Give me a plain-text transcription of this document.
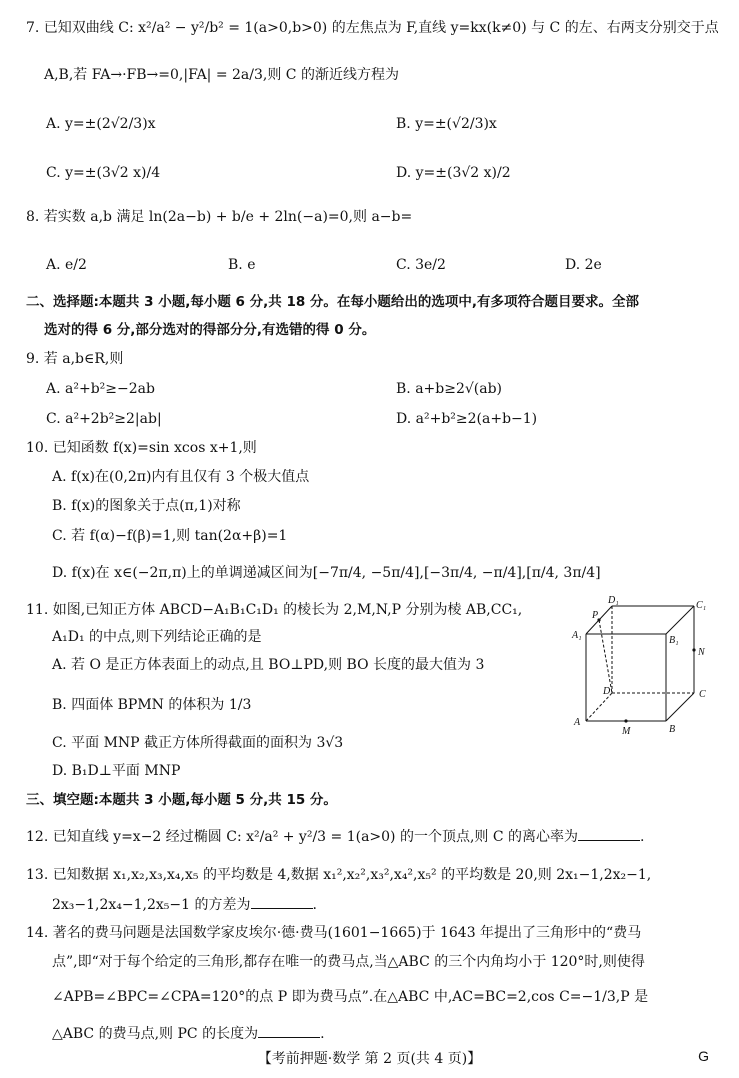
7. 已知双曲线 C: x²/a² − y²/b² = 1(a>0,b>0) 的左焦点为 F,直线 y=kx(k≠0) 与 C 的左、右两支分别交于点
A,B,若 FA→·FB→=0,|FA| = 2a/3,则 C 的渐近线方程为
A. y=±(2√2/3)x	B. y=±(√2/3)x
C. y=±(3√2 x)/4	D. y=±(3√2 x)/2
8. 若实数 a,b 满足 ln(2a−b) + b/e + 2ln(−a)=0,则 a−b=
A. e/2	B. e	C. 3e/2	D. 2e
二、选择题:本题共 3 小题,每小题 6 分,共 18 分。在每小题给出的选项中,有多项符合题目要求。全部
选对的得 6 分,部分选对的得部分分,有选错的得 0 分。
9. 若 a,b∈R,则
A. a²+b²≥−2ab	B. a+b≥2√(ab)
C. a²+2b²≥2|ab|	D. a²+b²≥2(a+b−1)
10. 已知函数 f(x)=sin xcos x+1,则
A. f(x)在(0,2π)内有且仅有 3 个极大值点
B. f(x)的图象关于点(π,1)对称
C. 若 f(α)−f(β)=1,则 tan(2α+β)=1
D. f(x)在 x∈(−2π,π)上的单调递减区间为[−7π/4, −5π/4],[−3π/4, −π/4],[π/4, 3π/4]
11. 如图,已知正方体 ABCD−A₁B₁C₁D₁ 的棱长为 2,M,N,P 分别为棱 AB,CC₁,
A₁D₁ 的中点,则下列结论正确的是
A. 若 O 是正方体表面上的动点,且 BO⊥PD,则 BO 长度的最大值为 3
B. 四面体 BPMN 的体积为 1/3
C. 平面 MNP 截正方体所得截面的面积为 3√3
D. B₁D⊥平面 MNP
D₁	C₁
A₁
P
B₁
N
D	C
A
M	B
三、填空题:本题共 3 小题,每小题 5 分,共 15 分。
12. 已知直线 y=x−2 经过椭圆 C: x²/a² + y²/3 = 1(a>0) 的一个顶点,则 C 的离心率为	.
13. 已知数据 x₁,x₂,x₃,x₄,x₅ 的平均数是 4,数据 x₁²,x₂²,x₃²,x₄²,x₅² 的平均数是 20,则 2x₁−1,2x₂−1,
2x₃−1,2x₄−1,2x₅−1 的方差为	.
14. 著名的费马问题是法国数学家皮埃尔·德·费马(1601−1665)于 1643 年提出了三角形中的“费马
点”,即“对于每个给定的三角形,都存在唯一的费马点,当△ABC 的三个内角均小于 120°时,则使得
∠APB=∠BPC=∠CPA=120°的点 P 即为费马点”.在△ABC 中,AC=BC=2,cos C=−1/3,P 是
△ABC 的费马点,则 PC 的长度为	.
【考前押题·数学 第 2 页(共 4 页)】	G
